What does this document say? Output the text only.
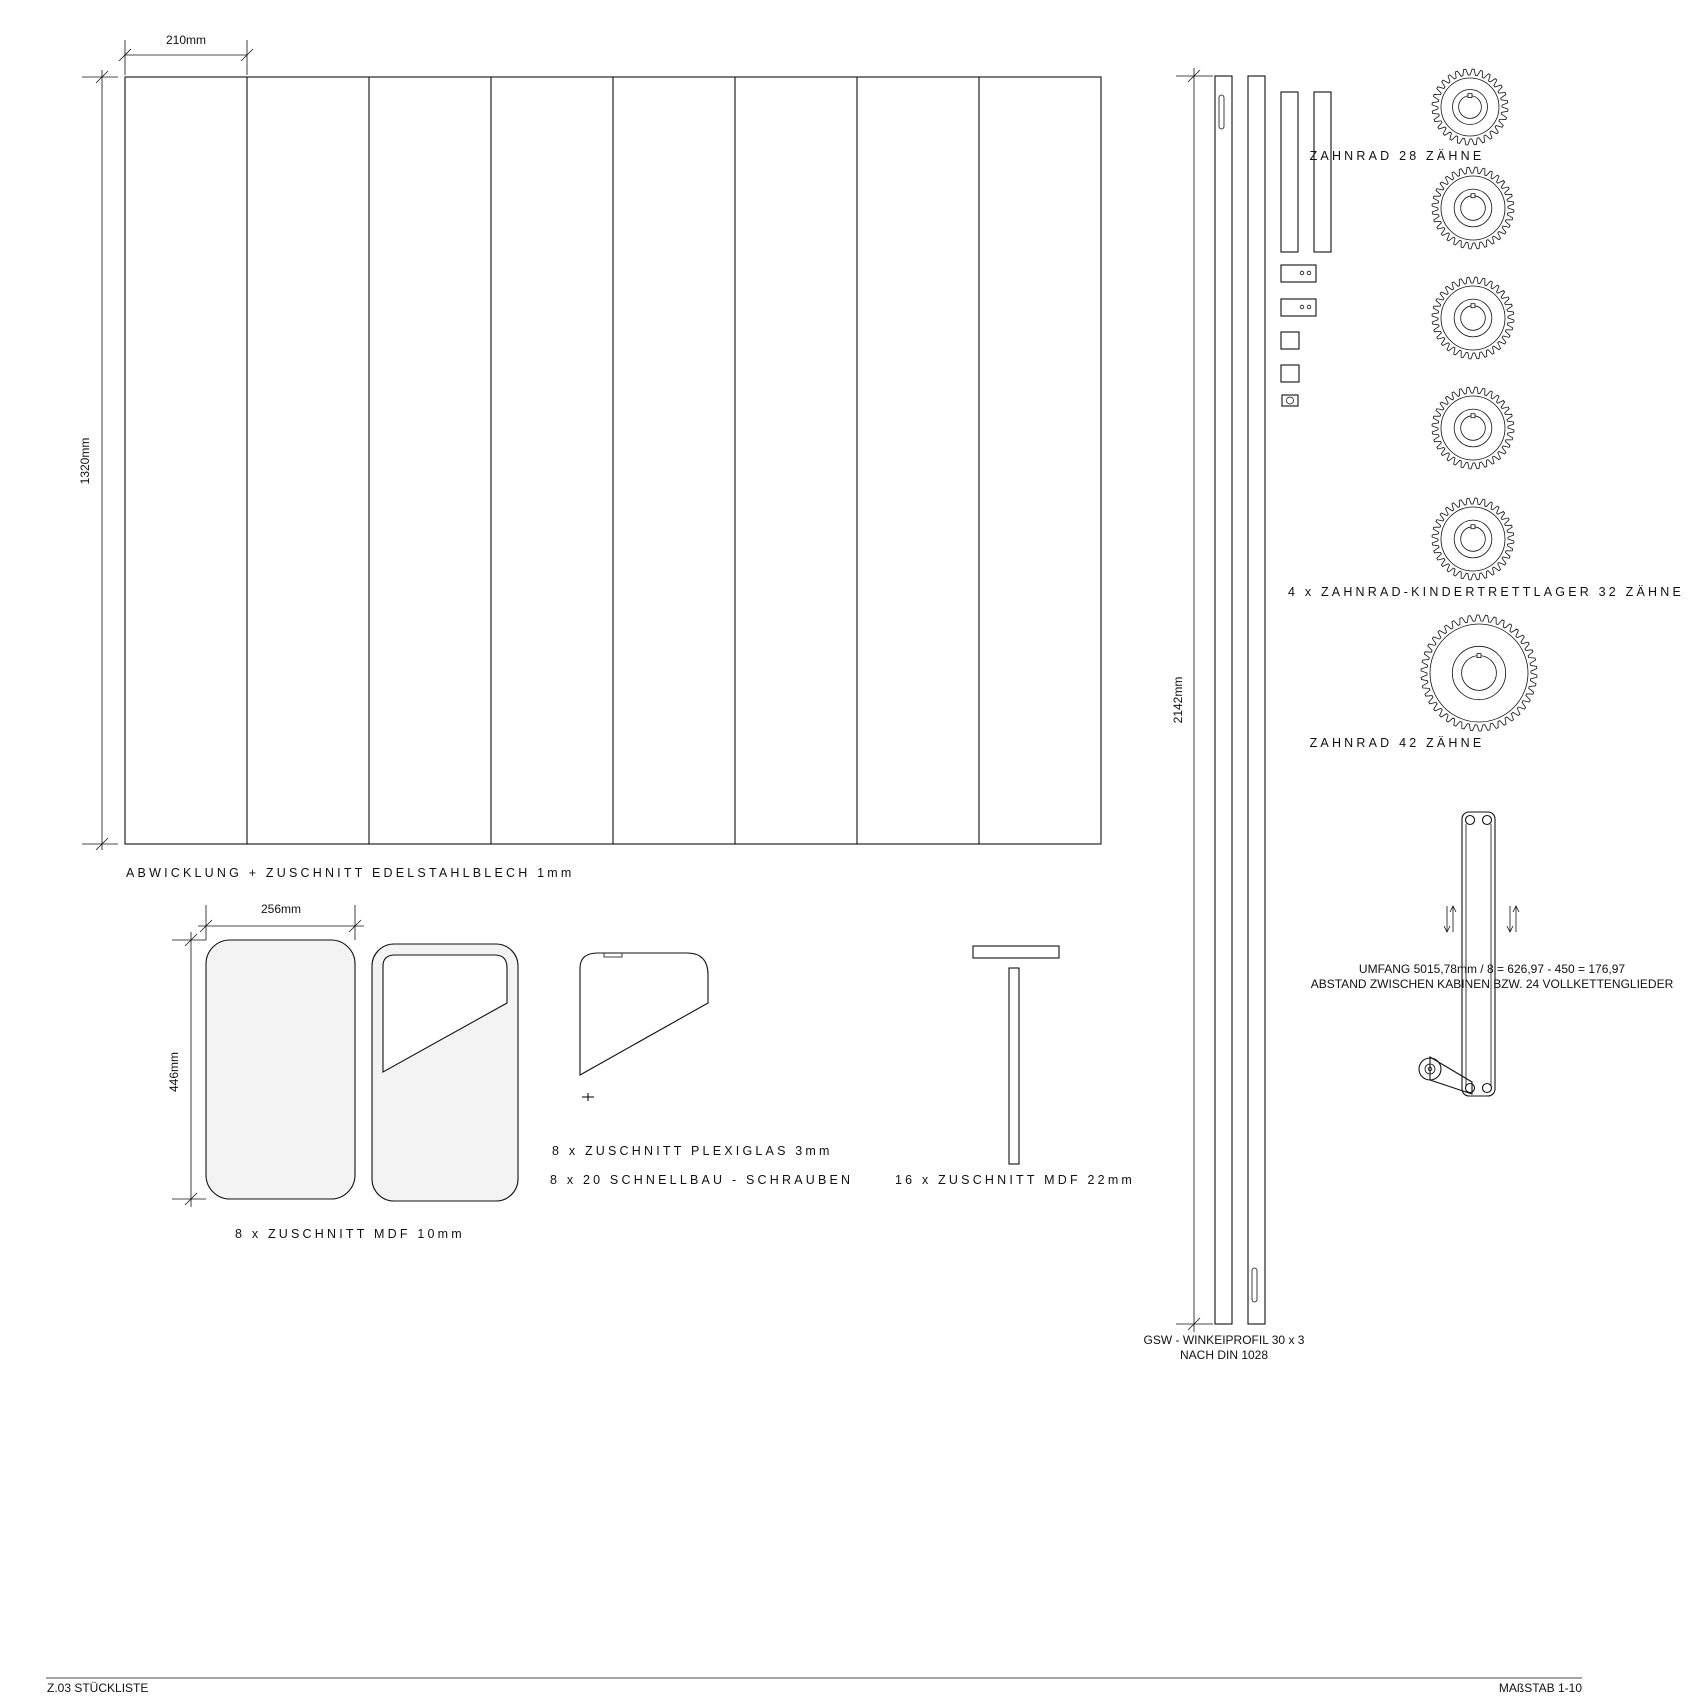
210mm
1320mm
ABWICKLUNG + ZUSCHNITT EDELSTAHLBLECH 1mm
256mm
446mm
8 x ZUSCHNITT MDF 10mm
8 x ZUSCHNITT PLEXIGLAS 3mm
8 x 20 SCHNELLBAU - SCHRAUBEN	16 x ZUSCHNITT MDF 22mm
2142mm
GSW - WINKEIPROFIL 30 x 3
NACH DIN 1028
ZAHNRAD 28 ZÄHNE
4 x ZAHNRAD-KINDERTRETTLAGER 32 ZÄHNE
ZAHNRAD 42 ZÄHNE
UMFANG 5015,78mm / 8 = 626,97 - 450 = 176,97
ABSTAND ZWISCHEN KABINEN BZW. 24 VOLLKETTENGLIEDER
Z.03 STÜCKLISTE	MAßSTAB 1-10
